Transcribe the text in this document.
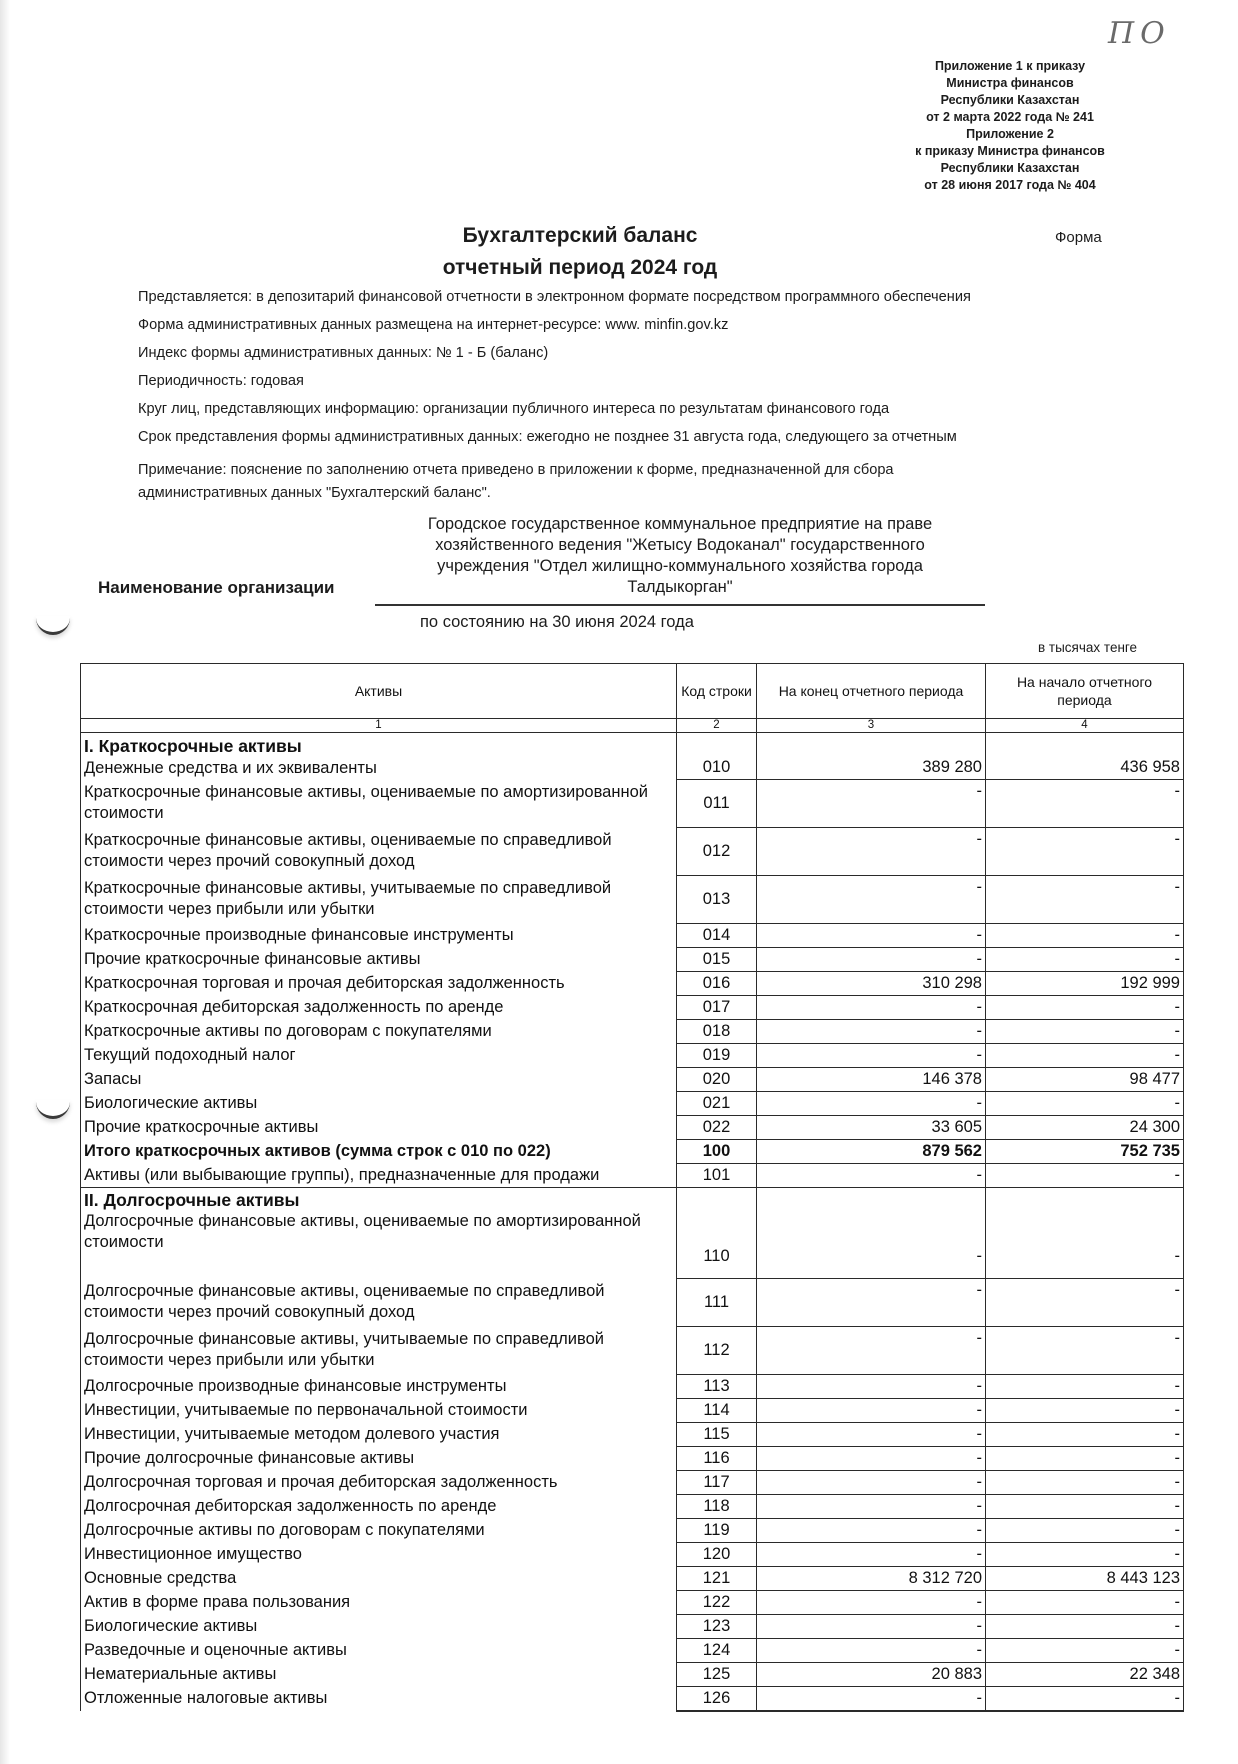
ПО
Приложение 1 к приказу
Министра финансов
Республики Казахстан
от 2 марта 2022 года № 241
Приложение 2
к приказу Министра финансов
Республики Казахстан
от 28 июня 2017 года № 404
Бухгалтерский баланс
отчетный период 2024 год
Форма
Представляется: в депозитарий финансовой отчетности в электронном формате посредством программного обеспечения
Форма административных данных размещена на интернет-ресурсе: www. minfin.gov.kz
Индекс формы административных данных: № 1 - Б (баланс)
Периодичность: годовая
Круг лиц, представляющих информацию: организации публичного интереса по результатам финансового года
Срок представления формы административных данных: ежегодно не позднее 31 августа года, следующего за отчетным
Примечание: пояснение по заполнению отчета приведено в приложении к форме, предназначенной для сбора
административных данных "Бухгалтерский баланс".
Наименование организации
Городское государственное коммунальное предприятие на праве
хозяйственного ведения "Жетысу Водоканал" государственного
учреждения "Отдел жилищно-коммунального хозяйства города
Талдыкорган"
по состоянию на 30 июня 2024 года
в тысячах тенге
Активы	Код строки	На конец отчетного периода	На начало отчетного периода
1	2	3	4

I. Краткосрочные активы
Денежные средства и их эквиваленты	010	389 280	436 958
Краткосрочные финансовые активы, оцениваемые по амортизированной стоимости	011	-	-
Краткосрочные финансовые активы, оцениваемые по справедливой стоимости через прочий совокупный доход	012	-	-
Краткосрочные финансовые активы, учитываемые по справедливой стоимости через прибыли или убытки	013	-	-
Краткосрочные производные финансовые инструменты	014	-	-
Прочие краткосрочные финансовые активы	015	-	-
Краткосрочная торговая и прочая дебиторская задолженность	016	310 298	192 999
Краткосрочная дебиторская задолженность по аренде	017	-	-
Краткосрочные активы по договорам с покупателями	018	-	-
Текущий подоходный налог	019	-	-
Запасы	020	146 378	98 477
Биологические активы	021	-	-
Прочие краткосрочные активы	022	33 605	24 300
Итого краткосрочных активов (сумма строк с 010 по 022)	100	879 562	752 735
Активы (или выбывающие группы), предназначенные для продажи	101	-	-

II. Долгосрочные активы
Долгосрочные финансовые активы, оцениваемые по амортизированной стоимости	110	-	-
Долгосрочные финансовые активы, оцениваемые по справедливой стоимости через прочий совокупный доход	111	-	-
Долгосрочные финансовые активы, учитываемые по справедливой стоимости через прибыли или убытки	112	-	-
Долгосрочные производные финансовые инструменты	113	-	-
Инвестиции, учитываемые по первоначальной стоимости	114	-	-
Инвестиции, учитываемые методом долевого участия	115	-	-
Прочие долгосрочные финансовые активы	116	-	-
Долгосрочная торговая и прочая дебиторская задолженность	117	-	-
Долгосрочная дебиторская задолженность по аренде	118	-	-
Долгосрочные активы по договорам с покупателями	119	-	-
Инвестиционное имущество	120	-	-
Основные средства	121	8 312 720	8 443 123
Актив в форме права пользования	122	-	-
Биологические активы	123	-	-
Разведочные и оценочные активы	124	-	-
Нематериальные активы	125	20 883	22 348
Отложенные налоговые активы	126	-	-
